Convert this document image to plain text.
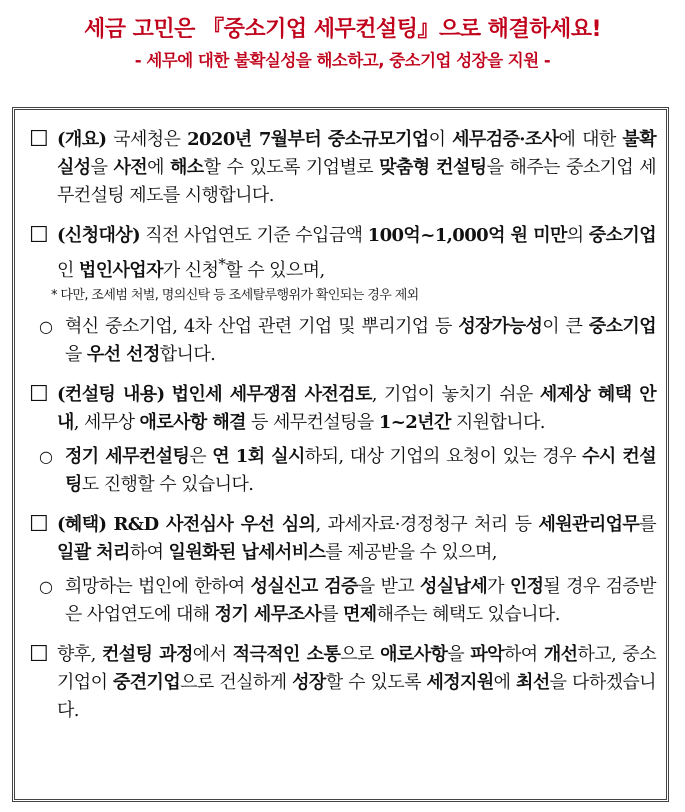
세금 고민은 『중소기업 세무컨설팅』으로 해결하세요!
- 세무에 대한 불확실성을 해소하고, 중소기업 성장을 지원 -
☐ (개요) 국세청은 2020년 7월부터 중소규모기업이 세무검증·조사에 대한 불확실성을 사전에 해소할 수 있도록 기업별로 맞춤형 컨설팅을 해주는 중소기업 세무컨설팅 제도를 시행합니다.
☐ (신청대상) 직전 사업연도 기준 수입금액 100억~1,000억 원 미만의 중소기업인 법인사업자가 신청*할 수 있으며,
* 다만, 조세범 처벌, 명의신탁 등 조세탈루행위가 확인되는 경우 제외
○ 혁신 중소기업, 4차 산업 관련 기업 및 뿌리기업 등 성장가능성이 큰 중소기업을 우선 선정합니다.
☐ (컨설팅 내용) 법인세 세무쟁점 사전검토, 기업이 놓치기 쉬운 세제상 혜택 안내, 세무상 애로사항 해결 등 세무컨설팅을 1~2년간 지원합니다.
○ 정기 세무컨설팅은 연 1회 실시하되, 대상 기업의 요청이 있는 경우 수시 컨설팅도 진행할 수 있습니다.
☐ (혜택) R&D 사전심사 우선 심의, 과세자료·경정청구 처리 등 세원관리업무를 일괄 처리하여 일원화된 납세서비스를 제공받을 수 있으며,
○ 희망하는 법인에 한하여 성실신고 검증을 받고 성실납세가 인정될 경우 검증받은 사업연도에 대해 정기 세무조사를 면제해주는 혜택도 있습니다.
☐ 향후, 컨설팅 과정에서 적극적인 소통으로 애로사항을 파악하여 개선하고, 중소기업이 중견기업으로 건실하게 성장할 수 있도록 세정지원에 최선을 다하겠습니다.
